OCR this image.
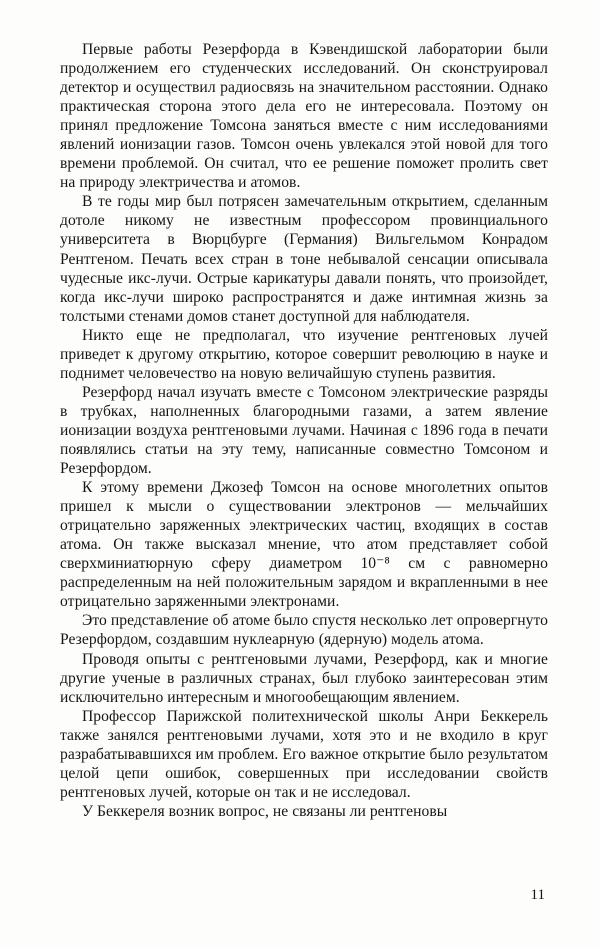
Первые работы Резерфорда в Кэвендишской лаборатории были продолжением его студенческих исследований. Он сконструировал детектор и осуществил радиосвязь на значительном расстоянии. Однако практическая сторона этого дела его не интересовала. Поэтому он принял предложение Томсона заняться вместе с ним исследованиями явлений ионизации газов. Томсон очень увлекался этой новой для того времени проблемой. Он считал, что ее решение поможет пролить свет на природу электричества и атомов.

В те годы мир был потрясен замечательным открытием, сделанным дотоле никому не известным профессором провинциального университета в Вюрцбурге (Германия) Вильгельмом Конрадом Рентгеном. Печать всех стран в тоне небывалой сенсации описывала чудесные икс-лучи. Острые карикатуры давали понять, что произойдет, когда икс-лучи широко распространятся и даже интимная жизнь за толстыми стенами домов станет доступной для наблюдателя.

Никто еще не предполагал, что изучение рентгеновых лучей приведет к другому открытию, которое совершит революцию в науке и поднимет человечество на новую величайшую ступень развития.

Резерфорд начал изучать вместе с Томсоном электрические разряды в трубках, наполненных благородными газами, а затем явление ионизации воздуха рентгеновыми лучами. Начиная с 1896 года в печати появлялись статьи на эту тему, написанные совместно Томсоном и Резерфордом.

К этому времени Джозеф Томсон на основе многолетних опытов пришел к мысли о существовании электронов — мельчайших отрицательно заряженных электрических частиц, входящих в состав атома. Он также высказал мнение, что атом представляет собой сверхминиатюрную сферу диаметром 10⁻⁸ см с равномерно распределенным на ней положительным зарядом и вкрапленными в нее отрицательно заряженными электронами.

Это представление об атоме было спустя несколько лет опровергнуто Резерфордом, создавшим нуклеарную (ядерную) модель атома.

Проводя опыты с рентгеновыми лучами, Резерфорд, как и многие другие ученые в различных странах, был глубоко заинтересован этим исключительно интересным и многообещающим явлением.

Профессор Парижской политехнической школы Анри Беккерель также занялся рентгеновыми лучами, хотя это и не входило в круг разрабатывавшихся им проблем. Его важное открытие было результатом целой цепи ошибок, совершенных при исследовании свойств рентгеновых лучей, которые он так и не исследовал.

У Беккереля возник вопрос, не связаны ли рентгеновы

11
